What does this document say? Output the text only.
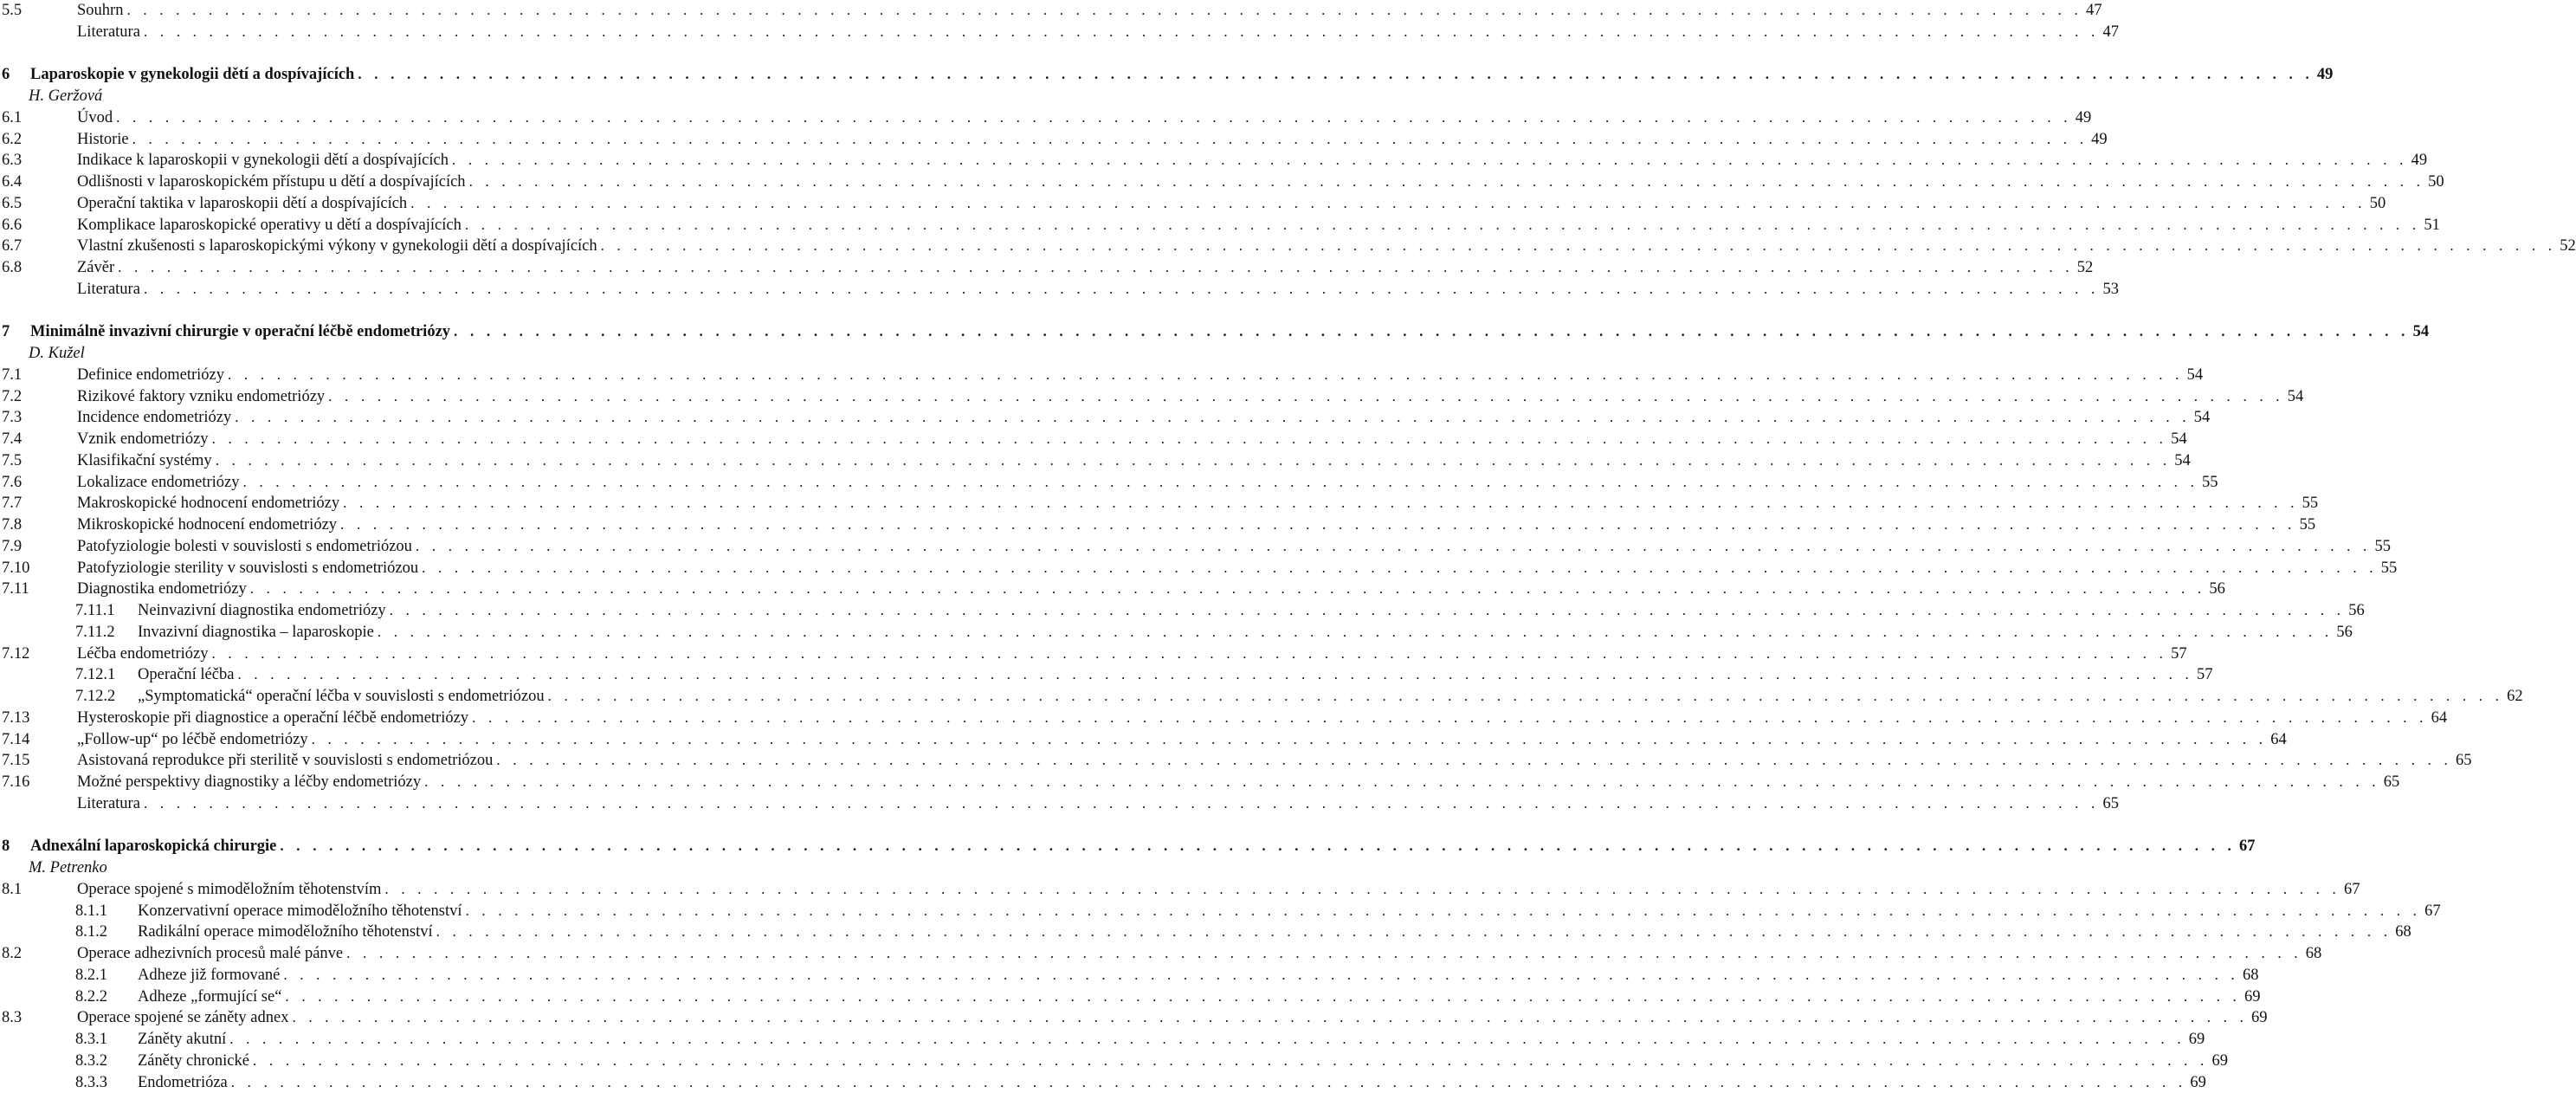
5.5	Souhrn . . . . . . . . . . . . . . . . . . . . . . . . . . . . . . . . . . . . . . . . . . . . . . . . . . . . . . . . . . . . . . . . . . . . . . . . . . . . . . . . . . . . . . . . . . . . . . . . . . . . . . . . . . . . . . . . . . . . . . . . 47
Literatura . . . . . . . . . . . . . . . . . . . . . . . . . . . . . . . . . . . . . . . . . . . . . . . . . . . . . . . . . . . . . . . . . . . . . . . . . . . . . . . . . . . . . . . . . . . . . . . . . . . . . . . . . . . . . . . . . . . . . . . . 47
6	Laparoskopie v gynekologii dětí a dospívajících . . . . . . . . . . . . . . . . . . . . . . . . . . . . . . . . . . . . . . . . . . . . . . . . . . . . . . . . . . . . . . . . . . . . . . . . . . . . . . . . . . . . . . . . . . . . . . . . . . . . . . . . . . . . . . . . . . . . . . . . 49
H. Geržová
6.1	Úvod . . . . . . . . . . . . . . . . . . . . . . . . . . . . . . . . . . . . . . . . . . . . . . . . . . . . . . . . . . . . . . . . . . . . . . . . . . . . . . . . . . . . . . . . . . . . . . . . . . . . . . . . . . . . . . . . . . . . . . . . 49
6.2	Historie . . . . . . . . . . . . . . . . . . . . . . . . . . . . . . . . . . . . . . . . . . . . . . . . . . . . . . . . . . . . . . . . . . . . . . . . . . . . . . . . . . . . . . . . . . . . . . . . . . . . . . . . . . . . . . . . . . . . . . . . 49
6.3	Indikace k laparoskopii v gynekologii dětí a dospívajících . . . . . . . . . . . . . . . . . . . . . . . . . . . . . . . . . . . . . . . . . . . . . . . . . . . . . . . . . . . . . . . . . . . . . . . . . . . . . . . . . . . . . . . . . . . . . . . . . . . . . . . . . . . . . . . . . . . . . . . . 49
6.4	Odlišnosti v laparoskopickém přístupu u dětí a dospívajících . . . . . . . . . . . . . . . . . . . . . . . . . . . . . . . . . . . . . . . . . . . . . . . . . . . . . . . . . . . . . . . . . . . . . . . . . . . . . . . . . . . . . . . . . . . . . . . . . . . . . . . . . . . . . . . . . . . . . . . . 50
6.5	Operační taktika v laparoskopii dětí a dospívajících . . . . . . . . . . . . . . . . . . . . . . . . . . . . . . . . . . . . . . . . . . . . . . . . . . . . . . . . . . . . . . . . . . . . . . . . . . . . . . . . . . . . . . . . . . . . . . . . . . . . . . . . . . . . . . . . . . . . . . . . 50
6.6	Komplikace laparoskopické operativy u dětí a dospívajících . . . . . . . . . . . . . . . . . . . . . . . . . . . . . . . . . . . . . . . . . . . . . . . . . . . . . . . . . . . . . . . . . . . . . . . . . . . . . . . . . . . . . . . . . . . . . . . . . . . . . . . . . . . . . . . . . . . . . . . . 51
6.7	Vlastní zkušenosti s laparoskopickými výkony v gynekologii dětí a dospívajících . . . . . . . . . . . . . . . . . . . . . . . . . . . . . . . . . . . . . . . . . . . . . . . . . . . . . . . . . . . . . . . . . . . . . . . . . . . . . . . . . . . . . . . . . . . . . . . . . . . . . . . . . . . . . . . . . . . . . . . . 52
6.8	Závěr . . . . . . . . . . . . . . . . . . . . . . . . . . . . . . . . . . . . . . . . . . . . . . . . . . . . . . . . . . . . . . . . . . . . . . . . . . . . . . . . . . . . . . . . . . . . . . . . . . . . . . . . . . . . . . . . . . . . . . . . 52
Literatura . . . . . . . . . . . . . . . . . . . . . . . . . . . . . . . . . . . . . . . . . . . . . . . . . . . . . . . . . . . . . . . . . . . . . . . . . . . . . . . . . . . . . . . . . . . . . . . . . . . . . . . . . . . . . . . . . . . . . . . . 53
7	Minimálně invazivní chirurgie v operační léčbě endometriózy . . . . . . . . . . . . . . . . . . . . . . . . . . . . . . . . . . . . . . . . . . . . . . . . . . . . . . . . . . . . . . . . . . . . . . . . . . . . . . . . . . . . . . . . . . . . . . . . . . . . . . . . . . . . . . . . . . . . . . . . 54
D. Kužel
7.1	Definice endometriózy . . . . . . . . . . . . . . . . . . . . . . . . . . . . . . . . . . . . . . . . . . . . . . . . . . . . . . . . . . . . . . . . . . . . . . . . . . . . . . . . . . . . . . . . . . . . . . . . . . . . . . . . . . . . . . . . . . . . . . . . 54
7.2	Rizikové faktory vzniku endometriózy . . . . . . . . . . . . . . . . . . . . . . . . . . . . . . . . . . . . . . . . . . . . . . . . . . . . . . . . . . . . . . . . . . . . . . . . . . . . . . . . . . . . . . . . . . . . . . . . . . . . . . . . . . . . . . . . . . . . . . . . 54
7.3	Incidence endometriózy . . . . . . . . . . . . . . . . . . . . . . . . . . . . . . . . . . . . . . . . . . . . . . . . . . . . . . . . . . . . . . . . . . . . . . . . . . . . . . . . . . . . . . . . . . . . . . . . . . . . . . . . . . . . . . . . . . . . . . . . 54
7.4	Vznik endometriózy . . . . . . . . . . . . . . . . . . . . . . . . . . . . . . . . . . . . . . . . . . . . . . . . . . . . . . . . . . . . . . . . . . . . . . . . . . . . . . . . . . . . . . . . . . . . . . . . . . . . . . . . . . . . . . . . . . . . . . . . 54
7.5	Klasifikační systémy . . . . . . . . . . . . . . . . . . . . . . . . . . . . . . . . . . . . . . . . . . . . . . . . . . . . . . . . . . . . . . . . . . . . . . . . . . . . . . . . . . . . . . . . . . . . . . . . . . . . . . . . . . . . . . . . . . . . . . . . 54
7.6	Lokalizace endometriózy . . . . . . . . . . . . . . . . . . . . . . . . . . . . . . . . . . . . . . . . . . . . . . . . . . . . . . . . . . . . . . . . . . . . . . . . . . . . . . . . . . . . . . . . . . . . . . . . . . . . . . . . . . . . . . . . . . . . . . . . 55
7.7	Makroskopické hodnocení endometriózy . . . . . . . . . . . . . . . . . . . . . . . . . . . . . . . . . . . . . . . . . . . . . . . . . . . . . . . . . . . . . . . . . . . . . . . . . . . . . . . . . . . . . . . . . . . . . . . . . . . . . . . . . . . . . . . . . . . . . . . . 55
7.8	Mikroskopické hodnocení endometriózy . . . . . . . . . . . . . . . . . . . . . . . . . . . . . . . . . . . . . . . . . . . . . . . . . . . . . . . . . . . . . . . . . . . . . . . . . . . . . . . . . . . . . . . . . . . . . . . . . . . . . . . . . . . . . . . . . . . . . . . . 55
7.9	Patofyziologie bolesti v souvislosti s endometriózou . . . . . . . . . . . . . . . . . . . . . . . . . . . . . . . . . . . . . . . . . . . . . . . . . . . . . . . . . . . . . . . . . . . . . . . . . . . . . . . . . . . . . . . . . . . . . . . . . . . . . . . . . . . . . . . . . . . . . . . . 55
7.10	Patofyziologie sterility v souvislosti s endometriózou . . . . . . . . . . . . . . . . . . . . . . . . . . . . . . . . . . . . . . . . . . . . . . . . . . . . . . . . . . . . . . . . . . . . . . . . . . . . . . . . . . . . . . . . . . . . . . . . . . . . . . . . . . . . . . . . . . . . . . . . 55
7.11	Diagnostika endometriózy . . . . . . . . . . . . . . . . . . . . . . . . . . . . . . . . . . . . . . . . . . . . . . . . . . . . . . . . . . . . . . . . . . . . . . . . . . . . . . . . . . . . . . . . . . . . . . . . . . . . . . . . . . . . . . . . . . . . . . . . 56
7.11.1	Neinvazivní diagnostika endometriózy . . . . . . . . . . . . . . . . . . . . . . . . . . . . . . . . . . . . . . . . . . . . . . . . . . . . . . . . . . . . . . . . . . . . . . . . . . . . . . . . . . . . . . . . . . . . . . . . . . . . . . . . . . . . . . . . . . . . . . . . 56
7.11.2	Invazivní diagnostika – laparoskopie . . . . . . . . . . . . . . . . . . . . . . . . . . . . . . . . . . . . . . . . . . . . . . . . . . . . . . . . . . . . . . . . . . . . . . . . . . . . . . . . . . . . . . . . . . . . . . . . . . . . . . . . . . . . . . . . . . . . . . . . 56
7.12	Léčba endometriózy . . . . . . . . . . . . . . . . . . . . . . . . . . . . . . . . . . . . . . . . . . . . . . . . . . . . . . . . . . . . . . . . . . . . . . . . . . . . . . . . . . . . . . . . . . . . . . . . . . . . . . . . . . . . . . . . . . . . . . . . 57
7.12.1	Operační léčba . . . . . . . . . . . . . . . . . . . . . . . . . . . . . . . . . . . . . . . . . . . . . . . . . . . . . . . . . . . . . . . . . . . . . . . . . . . . . . . . . . . . . . . . . . . . . . . . . . . . . . . . . . . . . . . . . . . . . . . . 57
7.12.2	„Symptomatická“ operační léčba v souvislosti s endometriózou . . . . . . . . . . . . . . . . . . . . . . . . . . . . . . . . . . . . . . . . . . . . . . . . . . . . . . . . . . . . . . . . . . . . . . . . . . . . . . . . . . . . . . . . . . . . . . . . . . . . . . . . . . . . . . . . . . . . . . . . 62
7.13	Hysteroskopie při diagnostice a operační léčbě endometriózy . . . . . . . . . . . . . . . . . . . . . . . . . . . . . . . . . . . . . . . . . . . . . . . . . . . . . . . . . . . . . . . . . . . . . . . . . . . . . . . . . . . . . . . . . . . . . . . . . . . . . . . . . . . . . . . . . . . . . . . . 64
7.14	„Follow-up“ po léčbě endometriózy . . . . . . . . . . . . . . . . . . . . . . . . . . . . . . . . . . . . . . . . . . . . . . . . . . . . . . . . . . . . . . . . . . . . . . . . . . . . . . . . . . . . . . . . . . . . . . . . . . . . . . . . . . . . . . . . . . . . . . . . 64
7.15	Asistovaná reprodukce při sterilitě v souvislosti s endometriózou . . . . . . . . . . . . . . . . . . . . . . . . . . . . . . . . . . . . . . . . . . . . . . . . . . . . . . . . . . . . . . . . . . . . . . . . . . . . . . . . . . . . . . . . . . . . . . . . . . . . . . . . . . . . . . . . . . . . . . . . 65
7.16	Možné perspektivy diagnostiky a léčby endometriózy . . . . . . . . . . . . . . . . . . . . . . . . . . . . . . . . . . . . . . . . . . . . . . . . . . . . . . . . . . . . . . . . . . . . . . . . . . . . . . . . . . . . . . . . . . . . . . . . . . . . . . . . . . . . . . . . . . . . . . . . 65
Literatura . . . . . . . . . . . . . . . . . . . . . . . . . . . . . . . . . . . . . . . . . . . . . . . . . . . . . . . . . . . . . . . . . . . . . . . . . . . . . . . . . . . . . . . . . . . . . . . . . . . . . . . . . . . . . . . . . . . . . . . . 65
8	Adnexální laparoskopická chirurgie . . . . . . . . . . . . . . . . . . . . . . . . . . . . . . . . . . . . . . . . . . . . . . . . . . . . . . . . . . . . . . . . . . . . . . . . . . . . . . . . . . . . . . . . . . . . . . . . . . . . . . . . . . . . . . . . . . . . . . . . 67
M. Petrenko
8.1	Operace spojené s mimoděložním těhotenstvím . . . . . . . . . . . . . . . . . . . . . . . . . . . . . . . . . . . . . . . . . . . . . . . . . . . . . . . . . . . . . . . . . . . . . . . . . . . . . . . . . . . . . . . . . . . . . . . . . . . . . . . . . . . . . . . . . . . . . . . . 67
8.1.1	Konzervativní operace mimoděložního těhotenství . . . . . . . . . . . . . . . . . . . . . . . . . . . . . . . . . . . . . . . . . . . . . . . . . . . . . . . . . . . . . . . . . . . . . . . . . . . . . . . . . . . . . . . . . . . . . . . . . . . . . . . . . . . . . . . . . . . . . . . . 67
8.1.2	Radikální operace mimoděložního těhotenství . . . . . . . . . . . . . . . . . . . . . . . . . . . . . . . . . . . . . . . . . . . . . . . . . . . . . . . . . . . . . . . . . . . . . . . . . . . . . . . . . . . . . . . . . . . . . . . . . . . . . . . . . . . . . . . . . . . . . . . . 68
8.2	Operace adhezivních procesů malé pánve . . . . . . . . . . . . . . . . . . . . . . . . . . . . . . . . . . . . . . . . . . . . . . . . . . . . . . . . . . . . . . . . . . . . . . . . . . . . . . . . . . . . . . . . . . . . . . . . . . . . . . . . . . . . . . . . . . . . . . . . 68
8.2.1	Adheze již formované . . . . . . . . . . . . . . . . . . . . . . . . . . . . . . . . . . . . . . . . . . . . . . . . . . . . . . . . . . . . . . . . . . . . . . . . . . . . . . . . . . . . . . . . . . . . . . . . . . . . . . . . . . . . . . . . . . . . . . . . 68
8.2.2	Adheze „formující se“ . . . . . . . . . . . . . . . . . . . . . . . . . . . . . . . . . . . . . . . . . . . . . . . . . . . . . . . . . . . . . . . . . . . . . . . . . . . . . . . . . . . . . . . . . . . . . . . . . . . . . . . . . . . . . . . . . . . . . . . . 69
8.3	Operace spojené se záněty adnex . . . . . . . . . . . . . . . . . . . . . . . . . . . . . . . . . . . . . . . . . . . . . . . . . . . . . . . . . . . . . . . . . . . . . . . . . . . . . . . . . . . . . . . . . . . . . . . . . . . . . . . . . . . . . . . . . . . . . . . . 69
8.3.1	Záněty akutní . . . . . . . . . . . . . . . . . . . . . . . . . . . . . . . . . . . . . . . . . . . . . . . . . . . . . . . . . . . . . . . . . . . . . . . . . . . . . . . . . . . . . . . . . . . . . . . . . . . . . . . . . . . . . . . . . . . . . . . . 69
8.3.2	Záněty chronické . . . . . . . . . . . . . . . . . . . . . . . . . . . . . . . . . . . . . . . . . . . . . . . . . . . . . . . . . . . . . . . . . . . . . . . . . . . . . . . . . . . . . . . . . . . . . . . . . . . . . . . . . . . . . . . . . . . . . . . . 69
8.3.3	Endometrióza . . . . . . . . . . . . . . . . . . . . . . . . . . . . . . . . . . . . . . . . . . . . . . . . . . . . . . . . . . . . . . . . . . . . . . . . . . . . . . . . . . . . . . . . . . . . . . . . . . . . . . . . . . . . . . . . . . . . . . . . 69
